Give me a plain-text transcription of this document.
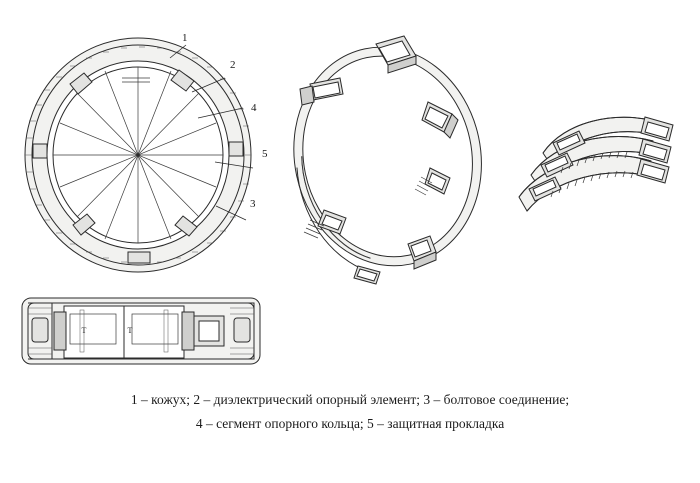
1
2
4
5
3
Т	Т
1 – кожух; 2 – диэлектрический опорный элемент; 3 – болтовое соединение;
4 – сегмент опорного кольца; 5 – защитная прокладка
